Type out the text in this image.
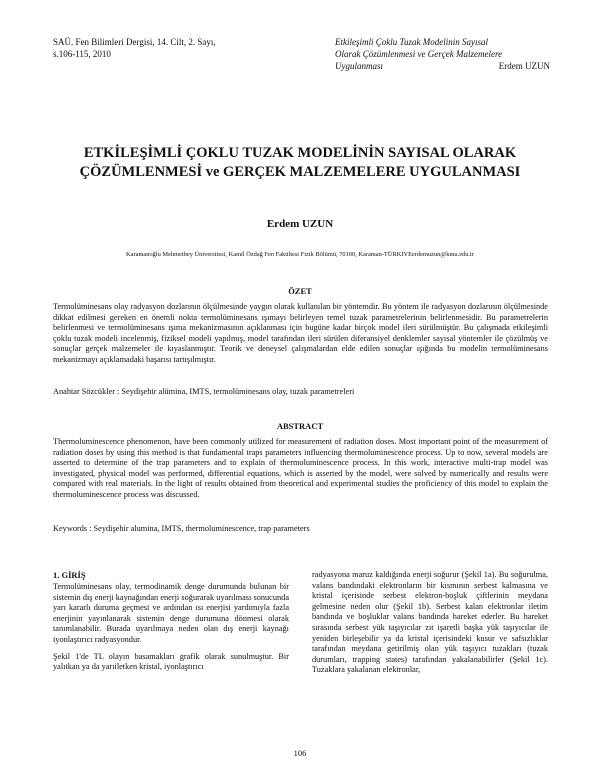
SAÜ. Fen Bilimleri Dergisi, 14. Cilt, 2. Sayı,
s.106-115, 2010
Etkileşimli Çoklu Tuzak Modelinin Sayısal
Olarak Çözümlenmesi ve Gerçek Malzemelere
Uygulanması	Erdem UZUN
ETKİLEŞİMLİ ÇOKLU TUZAK MODELİNİN SAYISAL OLARAK
ÇÖZÜMLENMESİ ve GERÇEK MALZEMELERE UYGULANMASI
Erdem UZUN
Karamanoğlu Mehmetbey Üniversitesi, Kamil Özdağ Fen Fakültesi Fizik Bölümü, 70100, Karaman-TÜRKİYEerdemuzun@kmu.edu.tr
ÖZET
Termolüminesans olay radyasyon dozlarının ölçülmesinde yaygın olarak kullanılan bir yöntemdir. Bu yöntem ile radyasyon dozlarının ölçülmesinde dikkat edilmesi gereken en önemli nokta termolüminesans ışımayı belirleyen temel tuzak parametrelerinin belirlenmesidir. Bu parametrelerin belirlenmesi ve termolüminesans ışıma mekanizmasının açıklanması için bugüne kadar birçok model ileri sürülmüştür. Bu çalışmada etkileşimli çoklu tuzak modeli incelenmiş, fiziksel modeli yapılmış, model tarafından ileri sürülen diferansiyel denklemler sayısal yöntemler ile çözülmüş ve sonuçlar gerçek malzemeler ile kıyaslanmıştır. Teorik ve deneysel çalışmalardan elde edilen sonuçlar ışığında bu modelin termolüminesans mekanizmayı açıklamadaki başarısı tartışılmıştır.
Anahtar Sözcükler : Seydişehir alümina, IMTS, termolüminesans olay, tuzak parametreleri
ABSTRACT
Thermoluminescence phenomenon, have been commonly utilized for measurement of radiation doses. Most important point of the measurement of radiation doses by using this method is that fundamental traps parameters influencing thermoluminescence process. Up to now, several models are asserted to determine of the trap parameters and to explain of thermoluminescence process. In this work, interactive multi-trap model was investigated, physical model was performed, differential equations, which is asserted by the model, were solved by numerically and results were compared with real materials. In the light of results obtained from theoretical and experimental studies the proficiency of this model to explain the thermoluminescence process was discussed.
Keywords : Seydişehir alumina, IMTS, thermoluminescence, trap parameters
1. GİRİŞ

Termolüminesans olay, termodinamik denge durumunda bulunan bir sistemin dış enerji kaynağından enerji soğurarak uyarılması sonucunda yarı kararlı duruma geçmesi ve ardından ısı enerjisi yardımıyla fazla enerjinin yayınlanarak sistemin denge durumuna dönmesi olarak tanımlanabilir. Burada uyarılmaya neden olan dış enerji kaynağı iyonlaştırıcı radyasyondur.

Şekil 1'de TL olayın basamakları grafik olarak sunulmuştur. Bir yalıtkan ya da yarıiletken kristal, iyonlaştırıcı

radyasyona maruz kaldığında enerji soğurur (Şekil 1a). Bu soğurulma, valans bandındaki elektronların bir kısmının serbest kalmasına ve kristal içerisinde serbest elektron-boşluk çiftlerinin meydana gelmesine neden olur (Şekil 1b). Serbest kalan elektronlar iletim bandında ve boşluklar valans bandında hareket ederler. Bu hareket sırasında serbest yük taşıyıcılar zıt işaretli başka yük taşıyıcılar ile yeniden birleşebilir ya da kristal içerisindeki kusur ve safsızlıklar tarafından meydana getirilmiş olan yük taşıyıcı tuzakları (tuzak durumları, trapping states) tarafından yakalanabilirler (Şekil 1c). Tuzaklara yakalanan elektronlar,

106
